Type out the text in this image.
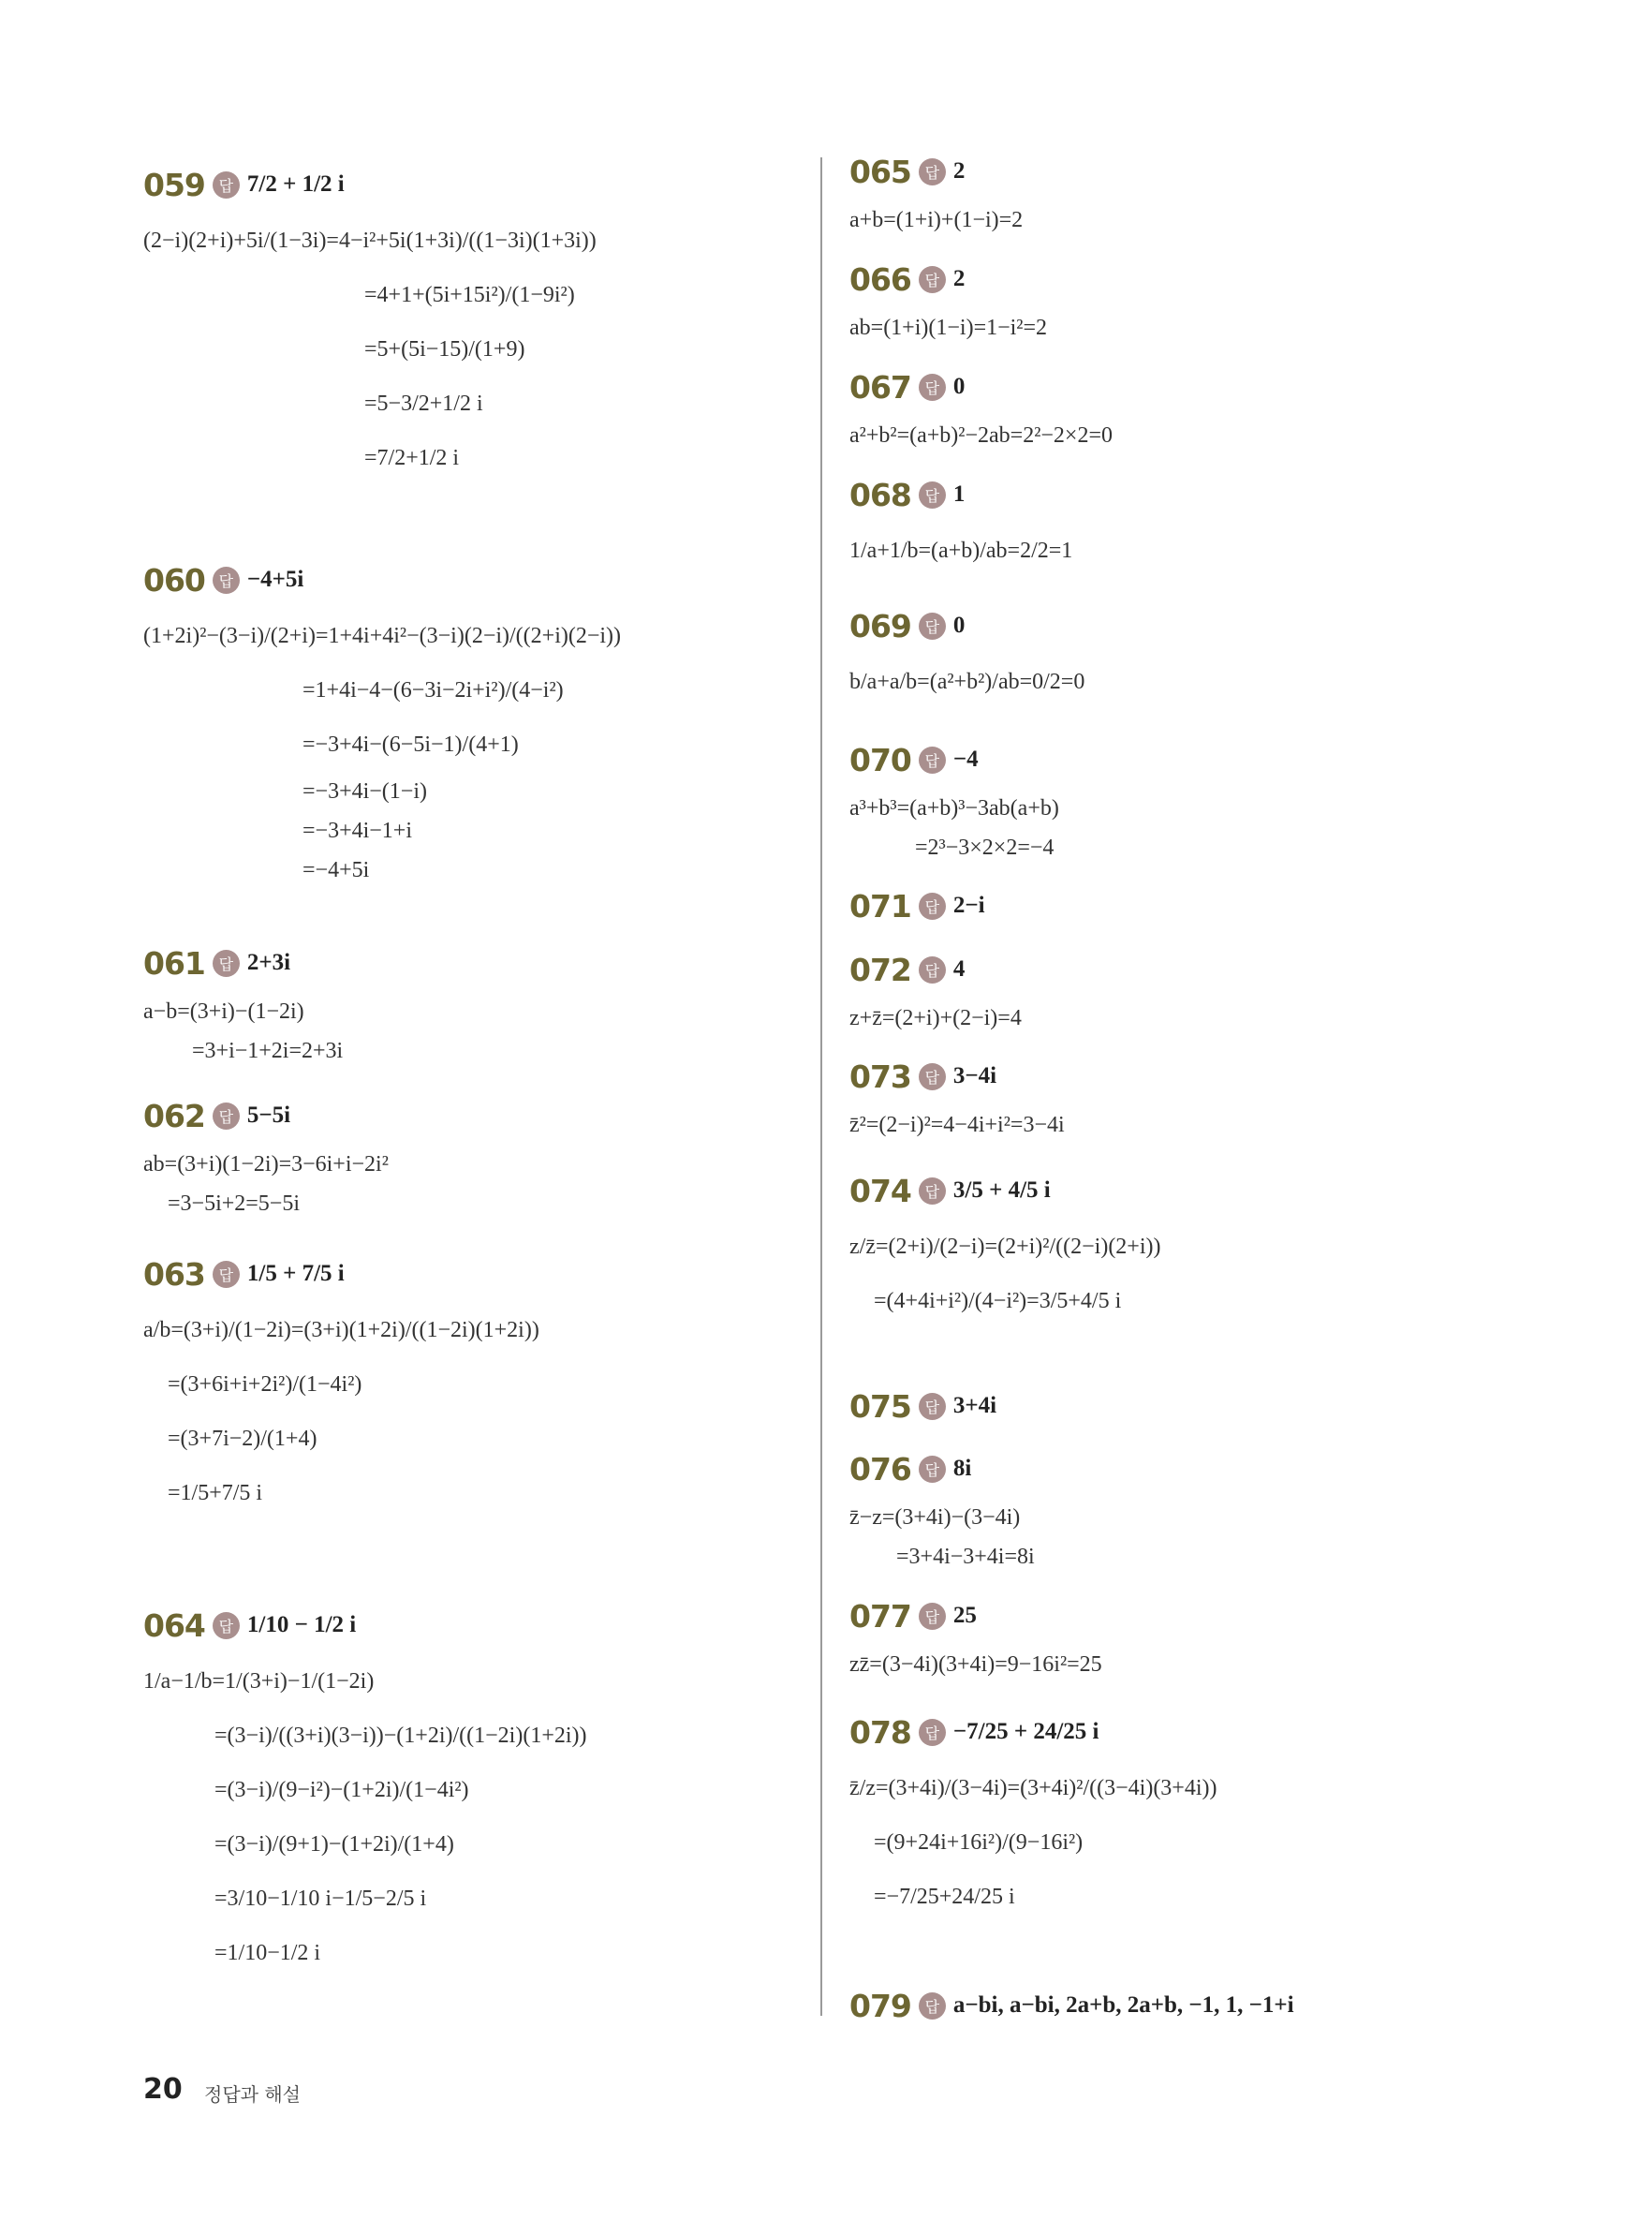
059 답 7/2 + 1/2 i
(2−i)(2+i)+5i/(1−3i)=4−i²+5i(1+3i)/((1−3i)(1+3i))
=4+1+(5i+15i²)/(1−9i²)
=5+(5i−15)/(1+9)
=5−3/2+1/2 i
=7/2+1/2 i
060 답 −4+5i
(1+2i)²−(3−i)/(2+i)=1+4i+4i²−(3−i)(2−i)/((2+i)(2−i))
=1+4i−4−(6−3i−2i+i²)/(4−i²)
=−3+4i−(6−5i−1)/(4+1)
=−3+4i−(1−i)
=−3+4i−1+i
=−4+5i
061 답 2+3i
a−b=(3+i)−(1−2i)
=3+i−1+2i=2+3i
062 답 5−5i
ab=(3+i)(1−2i)=3−6i+i−2i²
=3−5i+2=5−5i
063 답 1/5 + 7/5 i
a/b=(3+i)/(1−2i)=(3+i)(1+2i)/((1−2i)(1+2i))
=(3+6i+i+2i²)/(1−4i²)
=(3+7i−2)/(1+4)
=1/5+7/5 i
064 답 1/10 − 1/2 i
1/a−1/b=1/(3+i)−1/(1−2i)
=(3−i)/((3+i)(3−i))−(1+2i)/((1−2i)(1+2i))
=(3−i)/(9−i²)−(1+2i)/(1−4i²)
=(3−i)/(9+1)−(1+2i)/(1+4)
=3/10−1/10 i−1/5−2/5 i
=1/10−1/2 i
065 답 2
a+b=(1+i)+(1−i)=2
066 답 2
ab=(1+i)(1−i)=1−i²=2
067 답 0
a²+b²=(a+b)²−2ab=2²−2×2=0
068 답 1
1/a+1/b=(a+b)/ab=2/2=1
069 답 0
b/a+a/b=(a²+b²)/ab=0/2=0
070 답 −4
a³+b³=(a+b)³−3ab(a+b)
=2³−3×2×2=−4
071 답 2−i
072 답 4
z+z̄=(2+i)+(2−i)=4
073 답 3−4i
z̄²=(2−i)²=4−4i+i²=3−4i
074 답 3/5 + 4/5 i
z/z̄=(2+i)/(2−i)=(2+i)²/((2−i)(2+i))
=(4+4i+i²)/(4−i²)=3/5+4/5 i
075 답 3+4i
076 답 8i
z̄−z=(3+4i)−(3−4i)
=3+4i−3+4i=8i
077 답 25
zz̄=(3−4i)(3+4i)=9−16i²=25
078 답 −7/25 + 24/25 i
z̄/z=(3+4i)/(3−4i)=(3+4i)²/((3−4i)(3+4i))
=(9+24i+16i²)/(9−16i²)
=−7/25+24/25 i
079 답 a−bi, a−bi, 2a+b, 2a+b, −1, 1, −1+i
20 정답과 해설
